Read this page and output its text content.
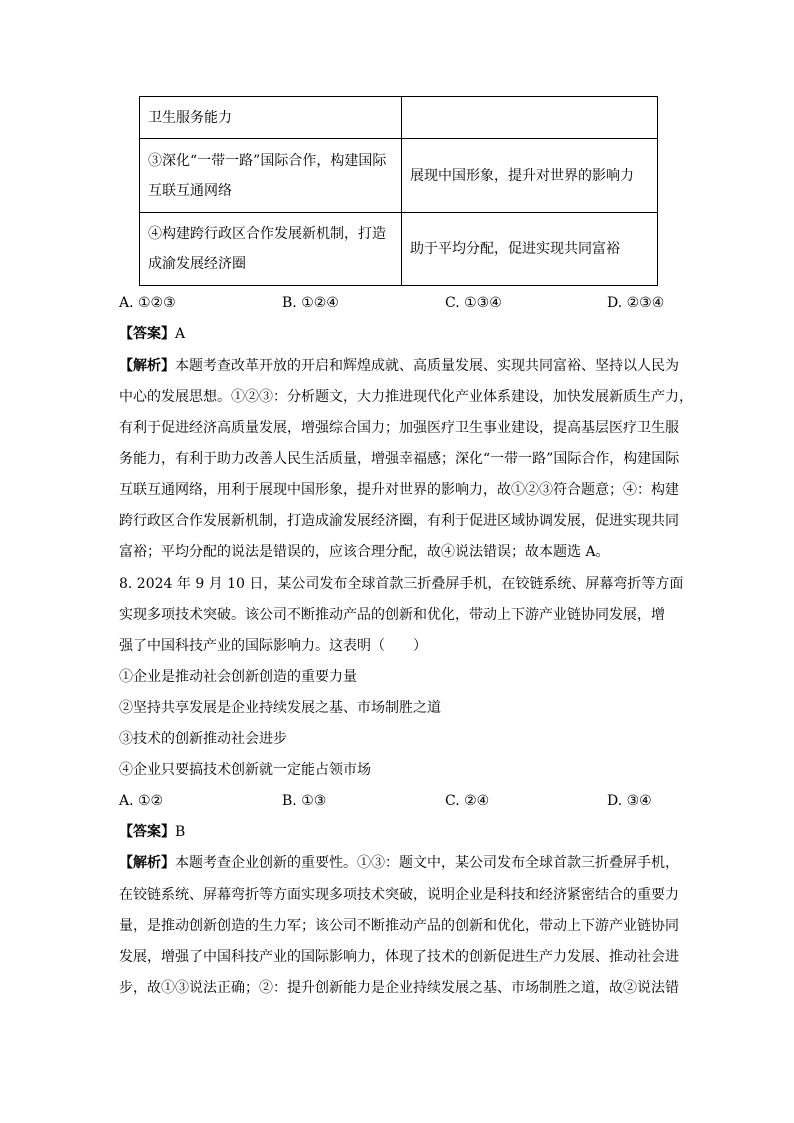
卫生服务能力	
③深化“一带一路”国际合作，构建国际互联互通网络	展现中国形象，提升对世界的影响力
④构建跨行政区合作发展新机制，打造成渝发展经济圈	助于平均分配，促进实现共同富裕
A. ①②③	B. ①②④	C. ①③④	D. ②③④
【答案】A
【解析】本题考查改革开放的开启和辉煌成就、高质量发展、实现共同富裕、坚持以人民为
中心的发展思想。①②③：分析题文，大力推进现代化产业体系建设，加快发展新质生产力，
有利于促进经济高质量发展，增强综合国力；加强医疗卫生事业建设，提高基层医疗卫生服
务能力，有利于助力改善人民生活质量，增强幸福感；深化“一带一路”国际合作，构建国际
互联互通网络，用利于展现中国形象，提升对世界的影响力，故①②③符合题意；④：构建
跨行政区合作发展新机制，打造成渝发展经济圈，有利于促进区域协调发展，促进实现共同
富裕；平均分配的说法是错误的，应该合理分配，故④说法错误；故本题选 A。
8. 2024 年 9 月 10 日，某公司发布全球首款三折叠屏手机，在铰链系统、屏幕弯折等方面
实现多项技术突破。该公司不断推动产品的创新和优化，带动上下游产业链协同发展，增
强了中国科技产业的国际影响力。这表明（　　）
①企业是推动社会创新创造的重要力量
②坚持共享发展是企业持续发展之基、市场制胜之道
③技术的创新推动社会进步
④企业只要搞技术创新就一定能占领市场
A. ①②	B. ①③	C. ②④	D. ③④
【答案】B
【解析】本题考查企业创新的重要性。①③：题文中，某公司发布全球首款三折叠屏手机，
在铰链系统、屏幕弯折等方面实现多项技术突破，说明企业是科技和经济紧密结合的重要力
量，是推动创新创造的生力军；该公司不断推动产品的创新和优化，带动上下游产业链协同
发展，增强了中国科技产业的国际影响力，体现了技术的创新促进生产力发展、推动社会进
步，故①③说法正确；②：提升创新能力是企业持续发展之基、市场制胜之道，故②说法错
